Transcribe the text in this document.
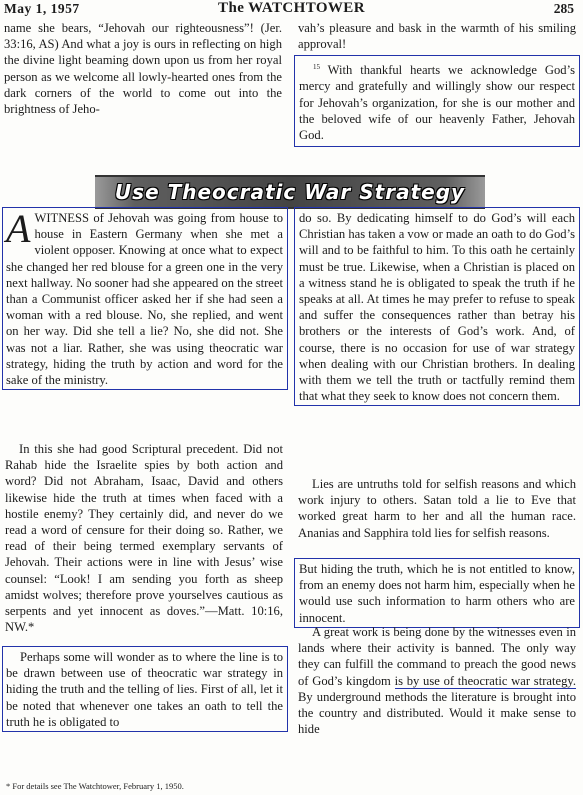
May 1, 1957	The WATCHTOWER	285

name she bears, “Jehovah our righteousness”! (Jer. 33:16, AS) And what a joy is ours in reflecting on high the divine light beaming down upon us from her royal person as we welcome all lowly-hearted ones from the dark corners of the world to come out into the brightness of Jeho-

vah’s pleasure and bask in the warmth of his smiling approval!

$^{15}$ With thankful hearts we acknowledge God’s mercy and gratefully and willingly show our respect for Jehovah’s organization, for she is our mother and the beloved wife of our heavenly Father, Jehovah God.

Use Theocratic War Strategy

AWITNESS of Jehovah was going from house to house in Eastern Germany when she met a violent opposer. Knowing at once what to expect she changed her red blouse for a green one in the very next hallway. No sooner had she appeared on the street than a Communist officer asked her if she had seen a woman with a red blouse. No, she replied, and went on her way. Did she tell a lie? No, she did not. She was not a liar. Rather, she was using theocratic war strategy, hiding the truth by action and word for the sake of the ministry.

In this she had good Scriptural precedent. Did not Rahab hide the Israelite spies by both action and word? Did not Abraham, Isaac, David and others likewise hide the truth at times when faced with a hostile enemy? They certainly did, and never do we read a word of censure for their doing so. Rather, we read of their being termed exemplary servants of Jehovah. Their actions were in line with Jesus’ wise counsel: “Look! I am sending you forth as sheep amidst wolves; therefore prove yourselves cautious as serpents and yet innocent as doves.”—Matt. 10:16, NW.*

Perhaps some will wonder as to where the line is to be drawn between use of theocratic war strategy in hiding the truth and the telling of lies. First of all, let it be noted that whenever one takes an oath to tell the truth he is obligated to

do so. By dedicating himself to do God’s will each Christian has taken a vow or made an oath to do God’s will and to be faithful to him. To this oath he certainly must be true. Likewise, when a Christian is placed on a witness stand he is obligated to speak the truth if he speaks at all. At times he may prefer to refuse to speak and suffer the consequences rather than betray his brothers or the interests of God’s work. And, of course, there is no occasion for use of war strategy when dealing with our Christian brothers. In dealing with them we tell the truth or tactfully remind them that what they seek to know does not concern them.

Lies are untruths told for selfish reasons and which work injury to others. Satan told a lie to Eve that worked great harm to her and all the human race. Ananias and Sapphira told lies for selfish reasons.

But hiding the truth, which he is not entitled to know, from an enemy does not harm him, especially when he would use such information to harm others who are innocent.

A great work is being done by the witnesses even in lands where their activity is banned. The only way they can fulfill the command to preach the good news of God’s kingdom is by use of theocratic war strategy. By underground methods the literature is brought into the country and distributed. Would it make sense to hide

* For details see The Watchtower, February 1, 1950.
